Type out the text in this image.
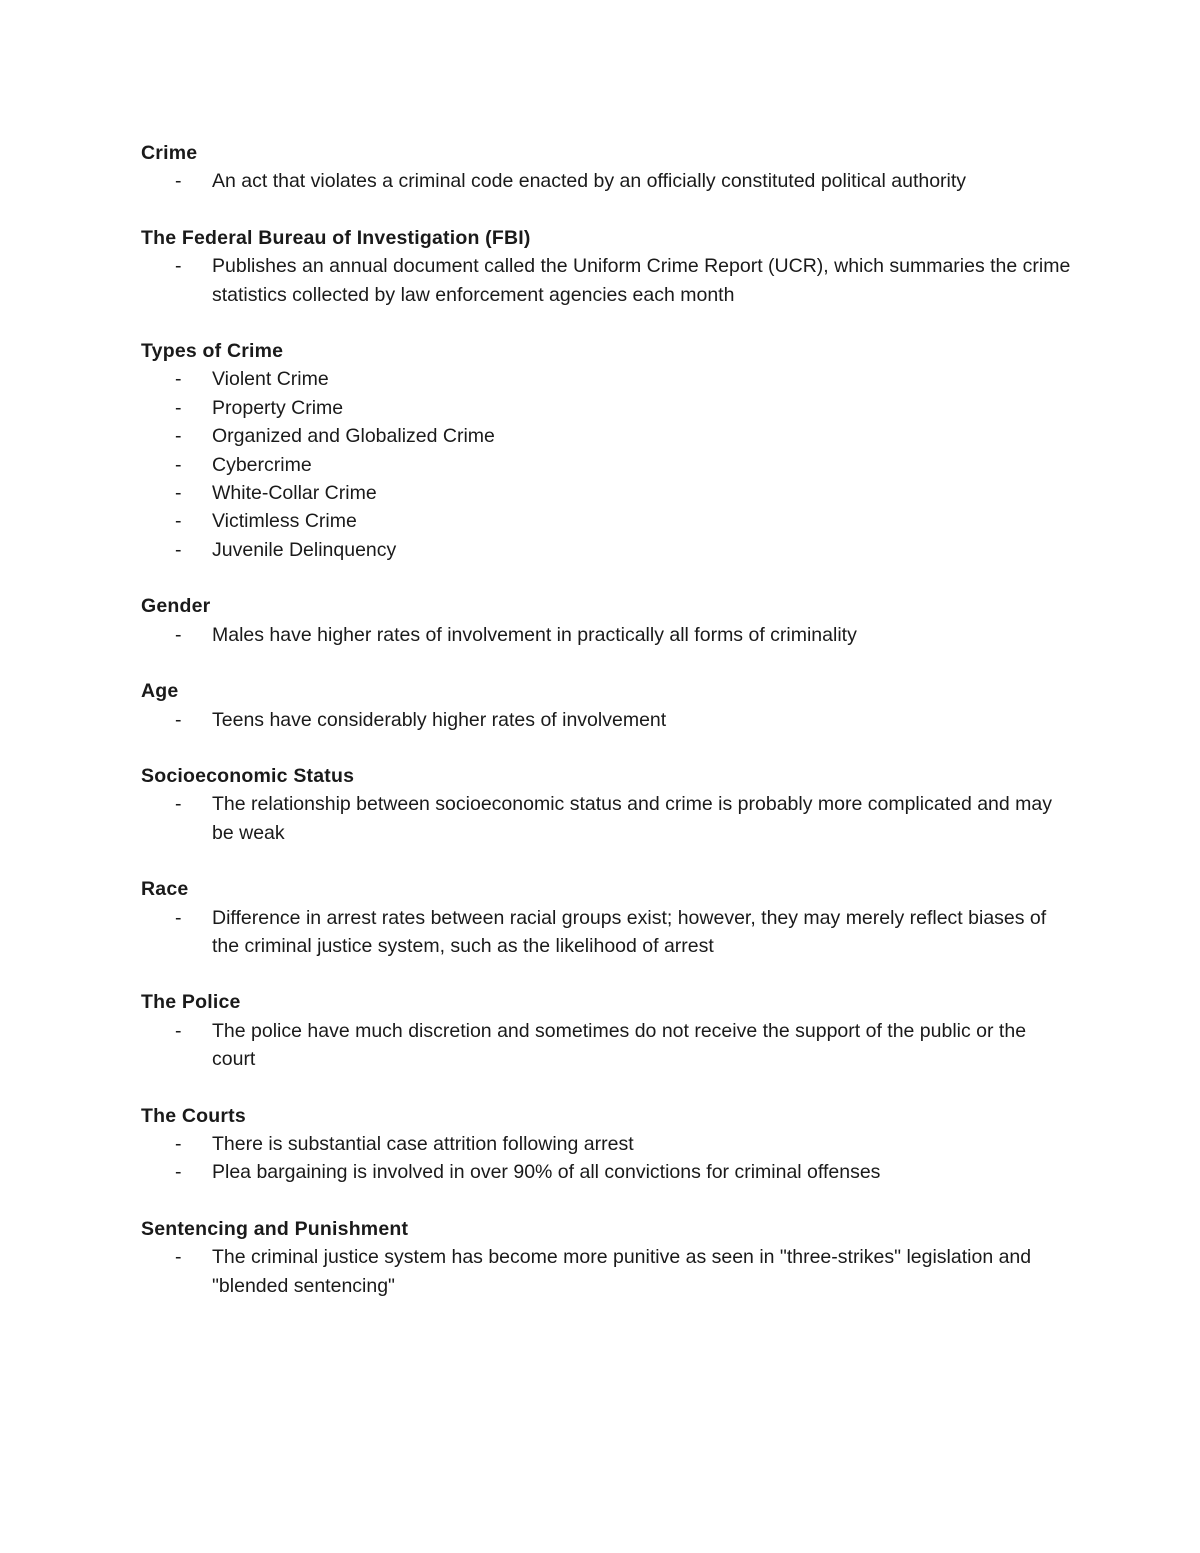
Crime
- An act that violates a criminal code enacted by an officially constituted political authority
The Federal Bureau of Investigation (FBI)
- Publishes an annual document called the Uniform Crime Report (UCR), which summaries the crime statistics collected by law enforcement agencies each month
Types of Crime
- Violent Crime
- Property Crime
- Organized and Globalized Crime
- Cybercrime
- White-Collar Crime
- Victimless Crime
- Juvenile Delinquency
Gender
- Males have higher rates of involvement in practically all forms of criminality
Age
- Teens have considerably higher rates of involvement
Socioeconomic Status
- The relationship between socioeconomic status and crime is probably more complicated and may be weak
Race
- Difference in arrest rates between racial groups exist; however, they may merely reflect biases of the criminal justice system, such as the likelihood of arrest
The Police
- The police have much discretion and sometimes do not receive the support of the public or the court
The Courts
- There is substantial case attrition following arrest
- Plea bargaining is involved in over 90% of all convictions for criminal offenses
Sentencing and Punishment
- The criminal justice system has become more punitive as seen in "three-strikes" legislation and "blended sentencing"
